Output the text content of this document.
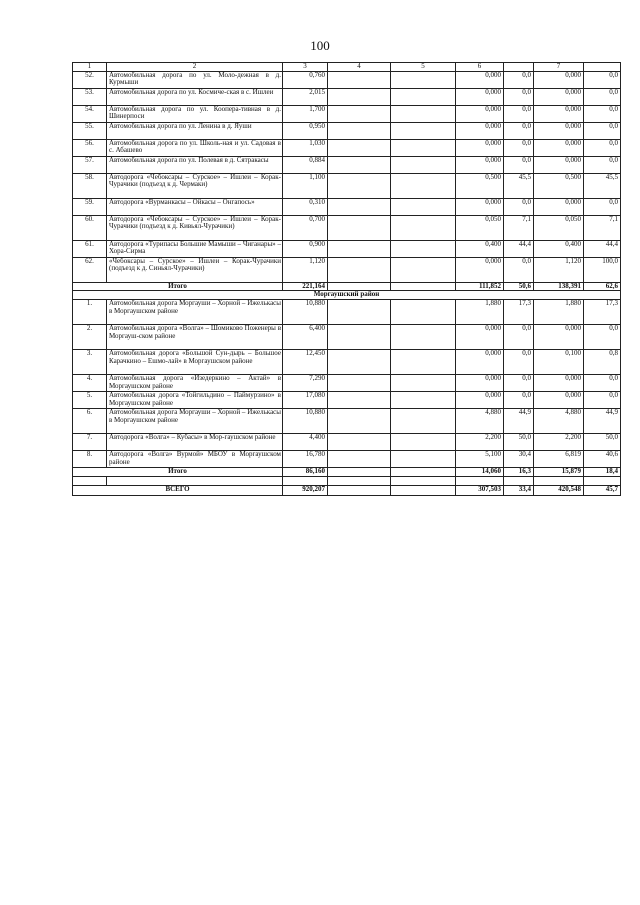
100
1	2	3	4	5	6		7	
52.	Автомобильная дорога по ул. Моло-дежная в д. Курмыши	0,760			0,000	0,0	0,000	0,0
53.	Автомобильная дорога по ул. Космиче-ская в с. Ишлеи	2,015			0,000	0,0	0,000	0,0
54.	Автомобильная дорога по ул. Коопера-тивная в д. Шинерпоси	1,700			0,000	0,0	0,000	0,0
55.	Автомобильная дорога по ул. Ленина в д. Яуши	0,950			0,000	0,0	0,000	0,0
56.	Автомобильная дорога по ул. Школь-ная и ул. Садовая в с. Абашево	1,030			0,000	0,0	0,000	0,0
57.	Автомобильная дорога по ул. Полевая в д. Сятракасы	0,884			0,000	0,0	0,000	0,0
58.	Автодорога «Чебоксары – Сурское» – Ишлеи – Корак-Чурачики (подъезд к д. Чермаки)	1,100			0,500	45,5	0,500	45,5
59.	Автодорога «Вурманкасы – Ойкасы – Онгапось»	0,310			0,000	0,0	0,000	0,0
60.	Автодорога «Чебоксары – Сурское» – Ишлеи – Корак-Чурачики (подъезд к д. Кивьял-Чурачики)	0,700			0,050	7,1	0,050	7,1
61.	Автодорога «Турипасы Большие Мамыши – Чиганары» – Хора-Сирма	0,900			0,400	44,4	0,400	44,4
62.	«Чебоксары – Сурское» – Ишлеи – Корак-Чурачики (подъезд к д. Синьял-Чурачики)	1,120			0,000	0,0	1,120	100,0
Итого		221,164			111,852	50,6	138,391	62,6
Моргаушский район								
1.	Автомобильная дорога Моргауши – Хорной – Ижелькасы в Моргаушском районе	10,880			1,880	17,3	1,880	17,3
2.	Автомобильная дорога «Волга» – Шомиково Поженеры в Моргауш-ском районе	6,400			0,000	0,0	0,000	0,0
3.	Автомобильная дорога «Большой Сун-дырь – Большое Карачкино – Ешмо-лай» в Моргаушском районе	12,450			0,000	0,0	0,100	0,8
4.	Автомобильная дорога «Изедеркино – Актай» в Моргаушском районе	7,290			0,000	0,0	0,000	0,0
5.	Автомобильная дорога «Тойгильдино – Паймурзино» в Моргаушском районе	17,080			0,000	0,0	0,000	0,0
6.	Автомобильная дорога Моргауши – Хорной – Ижелькасы в Моргаушском районе	10,880			4,880	44,9	4,880	44,9
7.	Автодорога «Волга» – Кубасы» в Мор-гаушском районе	4,400			2,200	50,0	2,200	50,0
8.	Автодорога «Волга» Вурмой» МБОУ в Моргаушском районе	16,780			5,100	30,4	6,819	40,6
Итого		86,160			14,060	16,3	15,879	18,4

ВСЕГО		920,207			307,503	33,4	420,548	45,7
